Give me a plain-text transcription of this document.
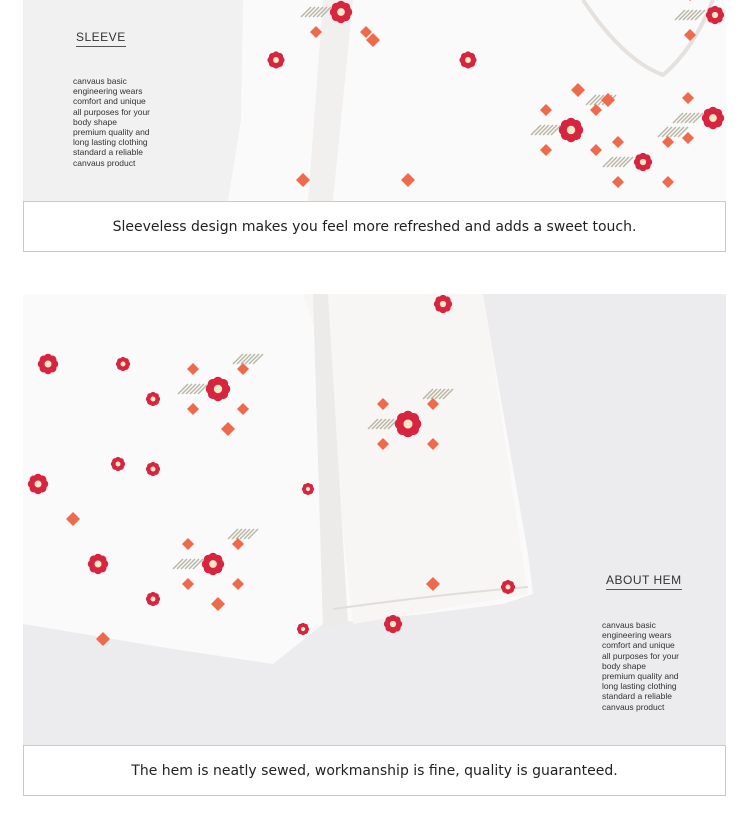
SLEEVE
canvaus basic
engineering wears
comfort and unique
all purposes for your
body shape
premium quality and
long lasting clothing
standard a reliable
canvaus product
Sleeveless design makes you feel more refreshed and adds a sweet touch.
ABOUT HEM
canvaus basic
engineering wears
comfort and unique
all purposes for your
body shape
premium quality and
long lasting clothing
standard a reliable
canvaus product
The hem is neatly sewed, workmanship is fine, quality is guaranteed.
